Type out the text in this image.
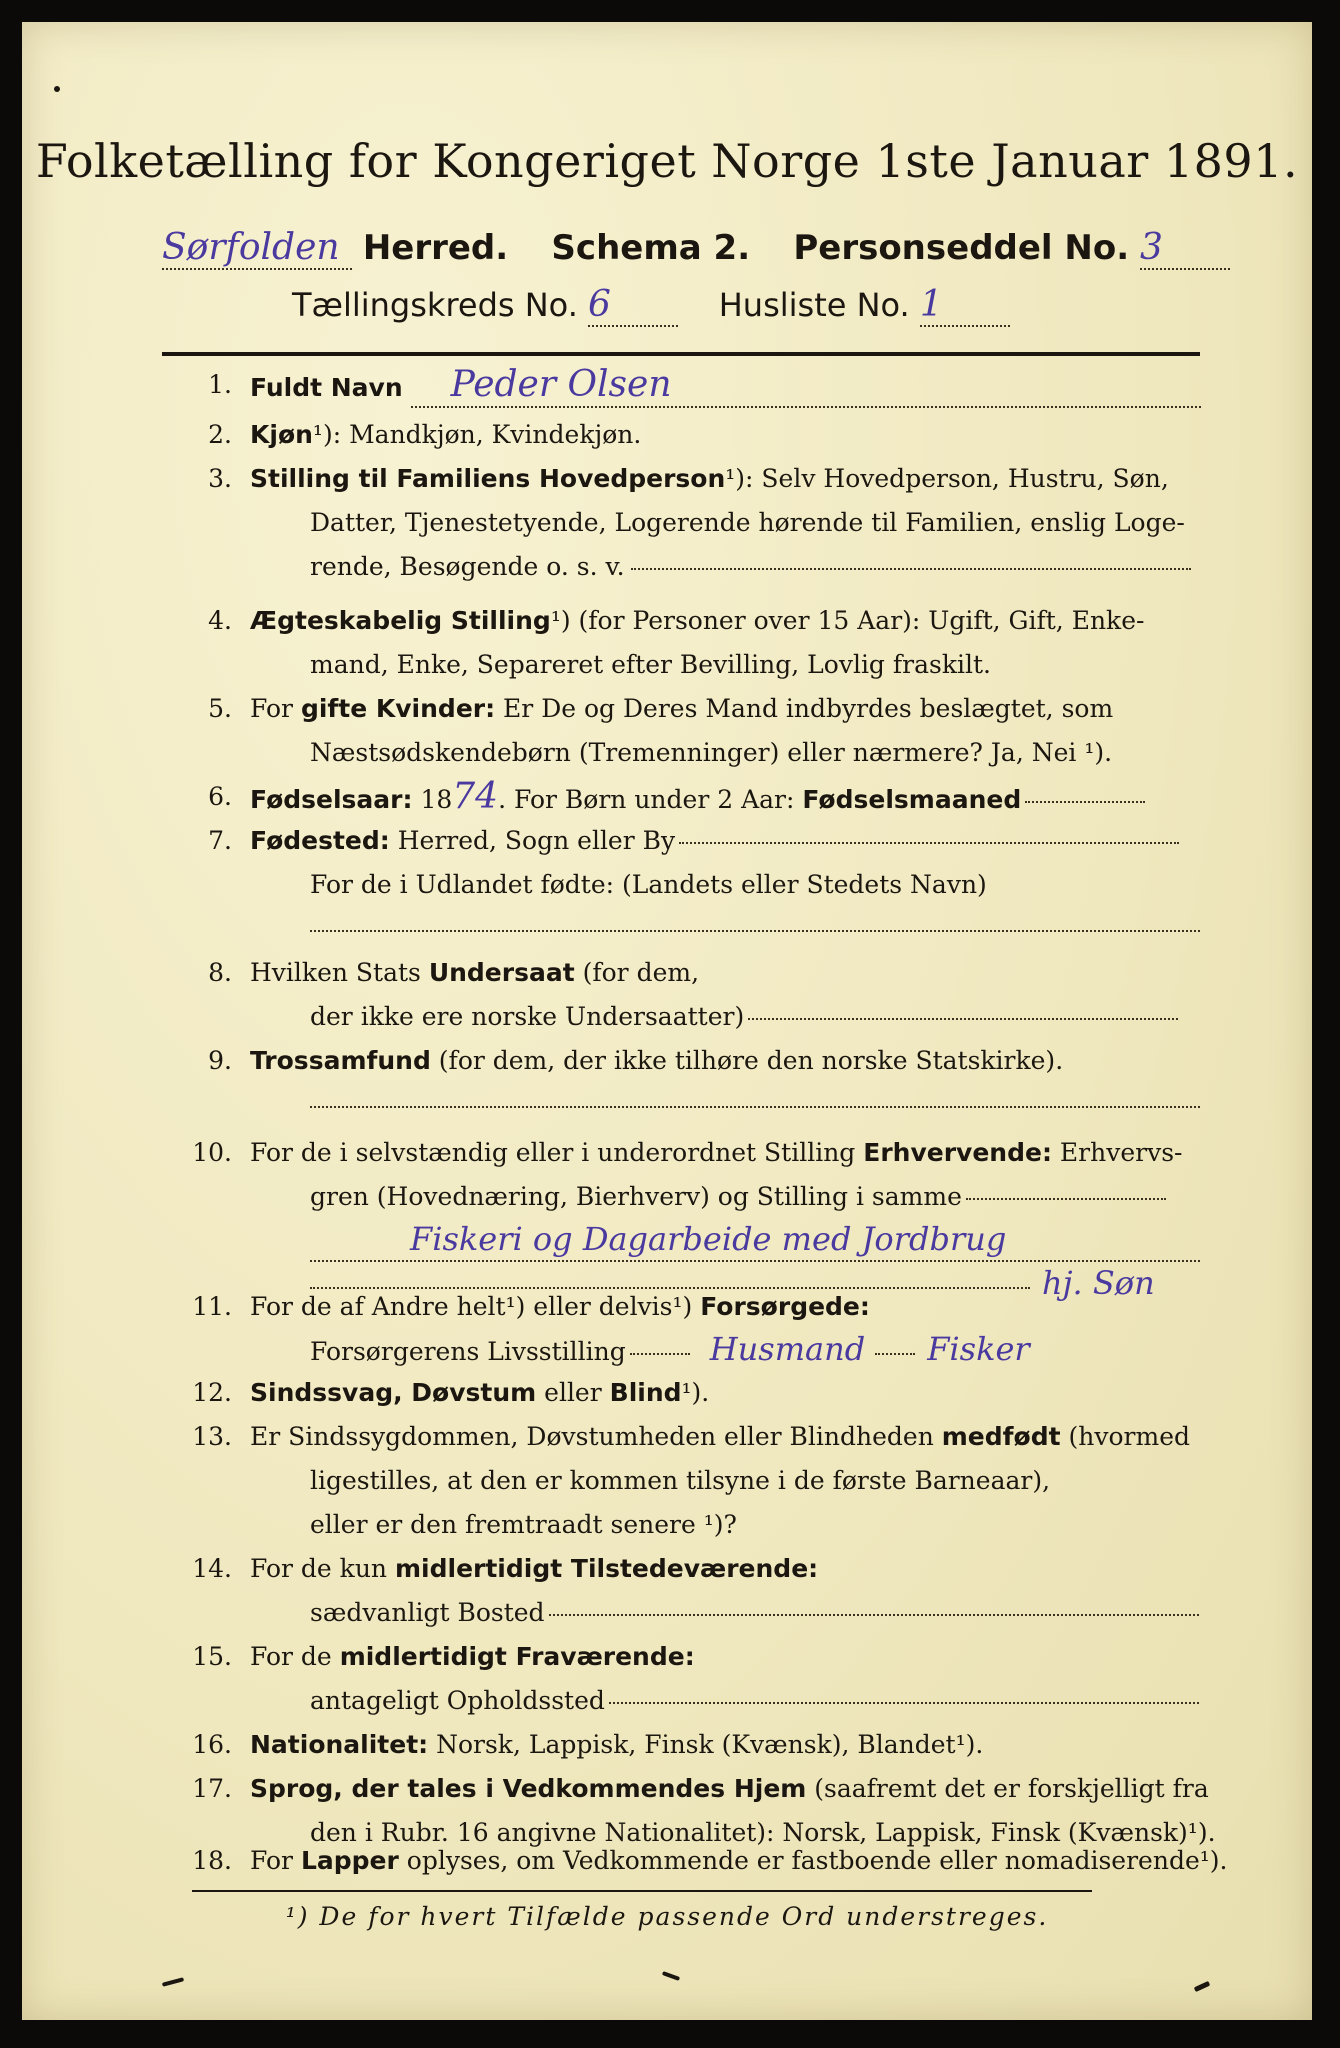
Folketælling for Kongeriget Norge 1ste Januar 1891.
Sørfolden Herred. Schema 2. Personseddel No. 3
Tællingskreds No. 6	Husliste No. 1
1. Fuldt Navn Peder Olsen
2. Kjøn¹): Mandkjøn, Kvindekjøn.
3. Stilling til Familiens Hovedperson¹): Selv Hovedperson, Hustru, Søn,
Datter, Tjenestetyende, Logerende hørende til Familien, enslig Loge-
rende, Besøgende o. s. v.
4. Ægteskabelig Stilling¹) (for Personer over 15 Aar): Ugift, Gift, Enke-
mand, Enke, Separeret efter Bevilling, Lovlig fraskilt.
5. For gifte Kvinder: Er De og Deres Mand indbyrdes beslægtet, som
Næstsødskendebørn (Tremenninger) eller nærmere? Ja, Nei ¹).
6. Fødselsaar: 1874. For Børn under 2 Aar: Fødselsmaaned
7. Fødested: Herred, Sogn eller By
For de i Udlandet fødte: (Landets eller Stedets Navn)
8. Hvilken Stats Undersaat (for dem,
der ikke ere norske Undersaatter)
9. Trossamfund (for dem, der ikke tilhøre den norske Statskirke).
10. For de i selvstændig eller i underordnet Stilling Erhvervende: Erhvervs-
gren (Hovednæring, Bierhverv) og Stilling i samme
Fiskeri og Dagarbeide med Jordbrug
hj. Søn
11. For de af Andre helt¹) eller delvis¹) Forsørgede:
Forsørgerens Livsstilling	Husmand Fisker
12. Sindssvag, Døvstum eller Blind¹).
13. Er Sindssygdommen, Døvstumheden eller Blindheden medfødt (hvormed
ligestilles, at den er kommen tilsyne i de første Barneaar),
eller er den fremtraadt senere ¹)?
14. For de kun midlertidigt Tilstedeværende:
sædvanligt Bosted
15. For de midlertidigt Fraværende:
antageligt Opholdssted
16. Nationalitet: Norsk, Lappisk, Finsk (Kvænsk), Blandet¹).
17. Sprog, der tales i Vedkommendes Hjem (saafremt det er forskjelligt fra
den i Rubr. 16 angivne Nationalitet): Norsk, Lappisk, Finsk (Kvænsk)¹).
18. For Lapper oplyses, om Vedkommende er fastboende eller nomadiserende¹).
¹) De for hvert Tilfælde passende Ord understreges.
